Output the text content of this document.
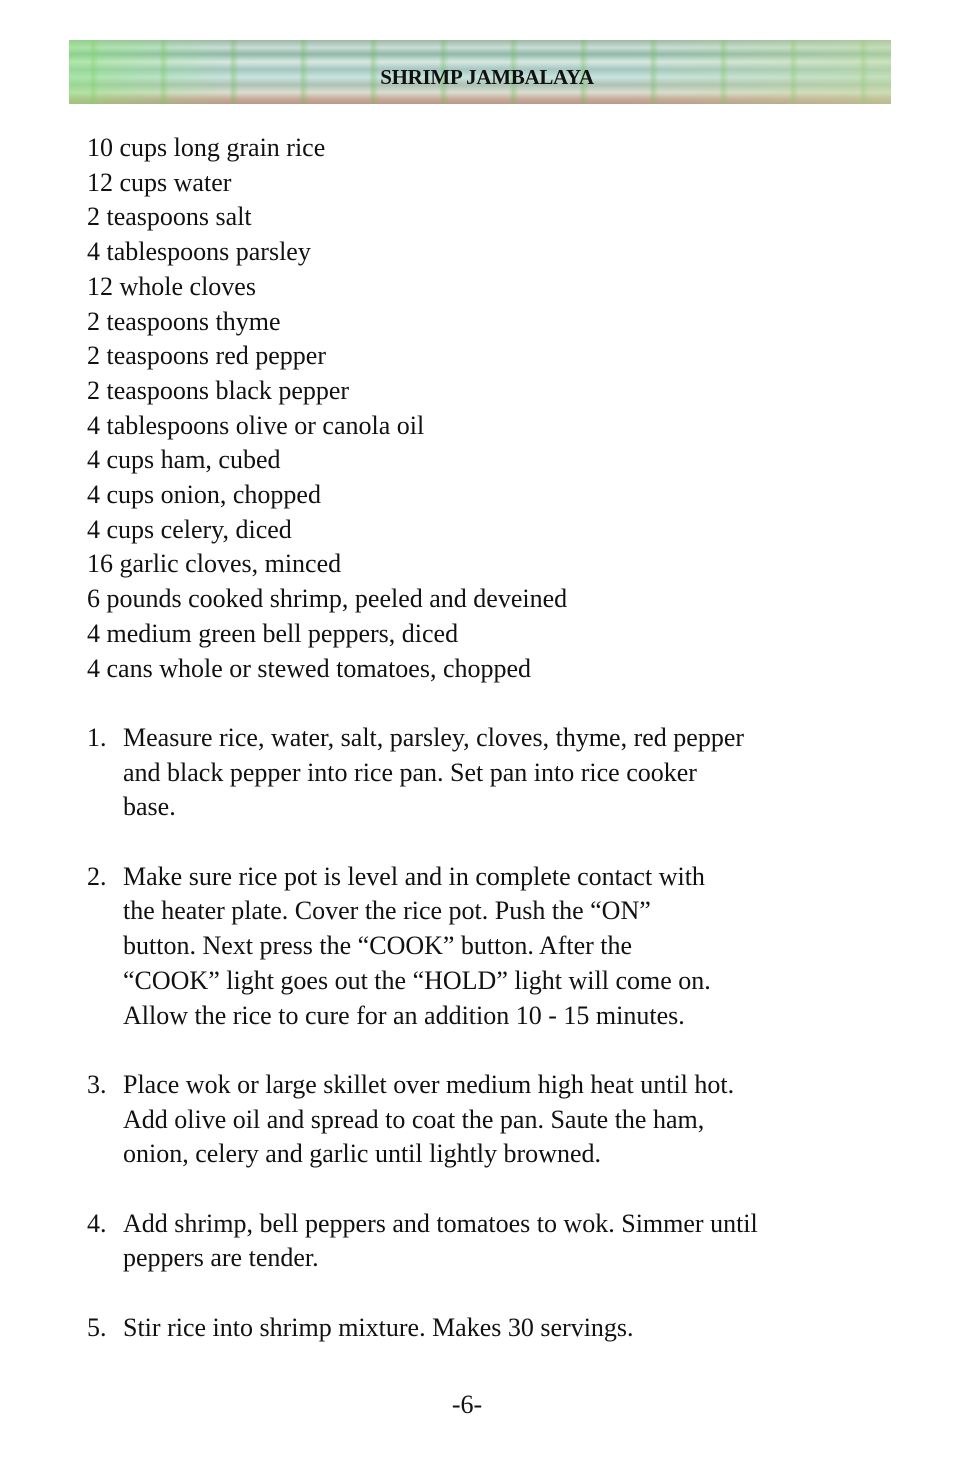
SHRIMP JAMBALAYA
10 cups long grain rice
12 cups water
2 teaspoons salt
4 tablespoons parsley
12 whole cloves
2 teaspoons thyme
2 teaspoons red pepper
2 teaspoons black pepper
4 tablespoons olive or canola oil
4 cups ham, cubed
4 cups onion, chopped
4 cups celery, diced
16 garlic cloves, minced
6 pounds cooked shrimp, peeled and deveined
4 medium green bell peppers, diced
4 cans whole or stewed tomatoes, chopped
1. Measure rice, water, salt, parsley, cloves, thyme, red pepper
and black pepper into rice pan. Set pan into rice cooker
base.
2. Make sure rice pot is level and in complete contact with
the heater plate. Cover the rice pot. Push the “ON”
button. Next press the “COOK” button. After the
“COOK” light goes out the “HOLD” light will come on.
Allow the rice to cure for an addition 10 - 15 minutes.
3. Place wok or large skillet over medium high heat until hot.
Add olive oil and spread to coat the pan. Saute the ham,
onion, celery and garlic until lightly browned.
4. Add shrimp, bell peppers and tomatoes to wok. Simmer until
peppers are tender.
5. Stir rice into shrimp mixture. Makes 30 servings.
-6-
